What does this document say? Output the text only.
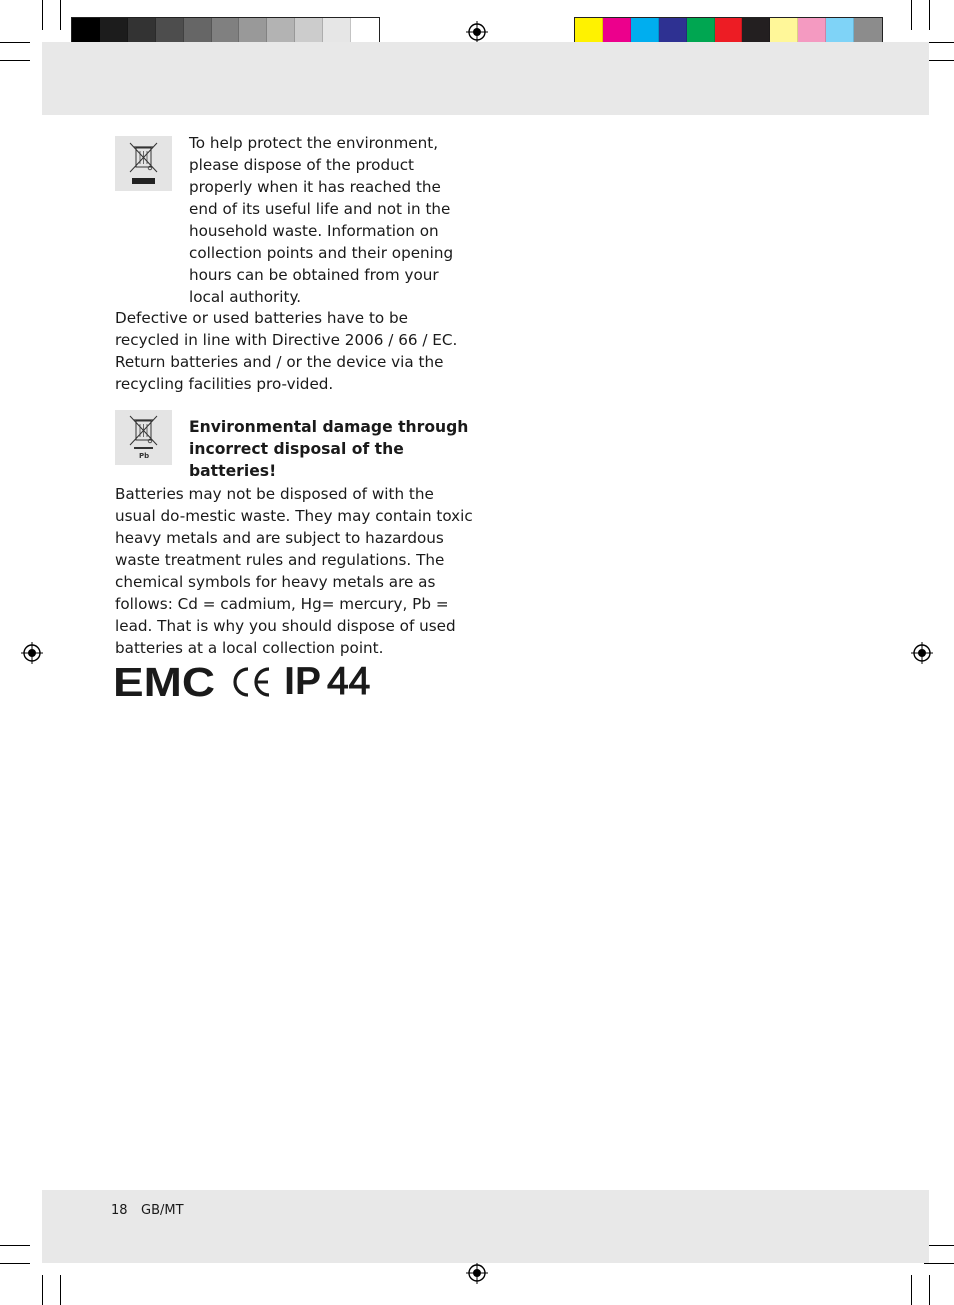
To help protect the environment, please dispose of the product properly when it has reached the end of its useful life and not in the household waste. Information on collection points and their opening hours can be obtained from your local authority.
Defective or used batteries have to be recycled in line with Directive 2006 / 66 / EC. Return batteries and / or the device via the recycling facilities pro-vided.
Pb
Environmental damage through incorrect disposal of the batteries!
Batteries may not be disposed of with the usual do-mestic waste. They may contain toxic heavy metals and are subject to hazardous waste treatment rules and regulations. The chemical symbols for heavy metals are as follows: Cd = cadmium, Hg= mercury, Pb = lead. That is why you should dispose of used batteries at a local collection point.
EMC IP 44
18 GB/MT
